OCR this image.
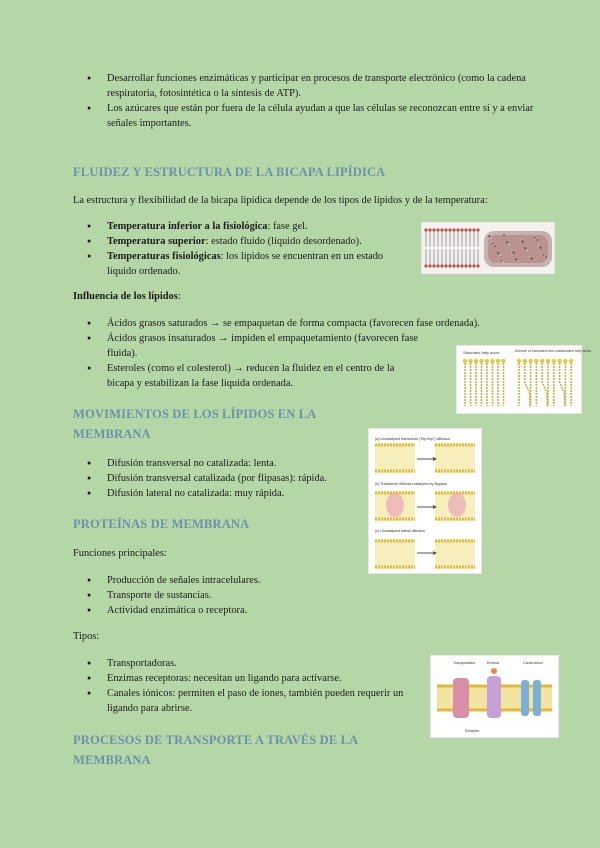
● Desarrollar funciones enzimáticas y participar en procesos de transporte electrónico (como la cadena respiratoria, fotosintética o la síntesis de ATP).
● Los azúcares que están por fuera de la célula ayudan a que las células se reconozcan entre sí y a enviar señales importantes.
FLUIDEZ Y ESTRUCTURA DE LA BICAPA LIPÍDICA
La estructura y flexibilidad de la bicapa lipídica depende de los tipos de lípidos y de la temperatura:
● Temperatura inferior a la fisiológica: fase gel.
● Temperatura superior: estado fluido (líquido desordenado).
● Temperaturas fisiológicas: los lípidos se encuentran en un estado líquido ordenado.
Influencia de los lípidos:
● Ácidos grasos saturados → se empaquetan de forma compacta (favorecen fase ordenada).
● Ácidos grasos insaturados → impiden el empaquetamiento (favorecen fase fluida).
● Esteroles (como el colesterol) → reducen la fluidez en el centro de la bicapa y estabilizan la fase líquida ordenada.
Saturated fatty acids	Mixture of saturated and unsaturated fatty acids
MOVIMIENTOS DE LOS LÍPIDOS EN LA MEMBRANA
● Difusión transversal no catalizada: lenta.
● Difusión transversal catalizada (por flipasas): rápida.
● Difusión lateral no catalizada: muy rápida.
(a) Uncatalyzed transverse ("flip-flop") diffusion
(b) Transverse diffusion catalyzed by flippase
(c) Uncatalyzed lateral diffusion
PROTEÍNAS DE MEMBRANA
Funciones principales:
● Producción de señales intracelulares.
● Transporte de sustancias.
● Actividad enzimática o receptora.
Tipos:
● Transportadoras.
● Enzimas receptoras: necesitan un ligando para activarse.
● Canales iónicos: permiten el paso de iones, también pueden requerir un ligando para abrirse.
Transportador	Enzima	Canal iónico
Receptor
PROCESOS DE TRANSPORTE A TRAVÉS DE LA MEMBRANA
